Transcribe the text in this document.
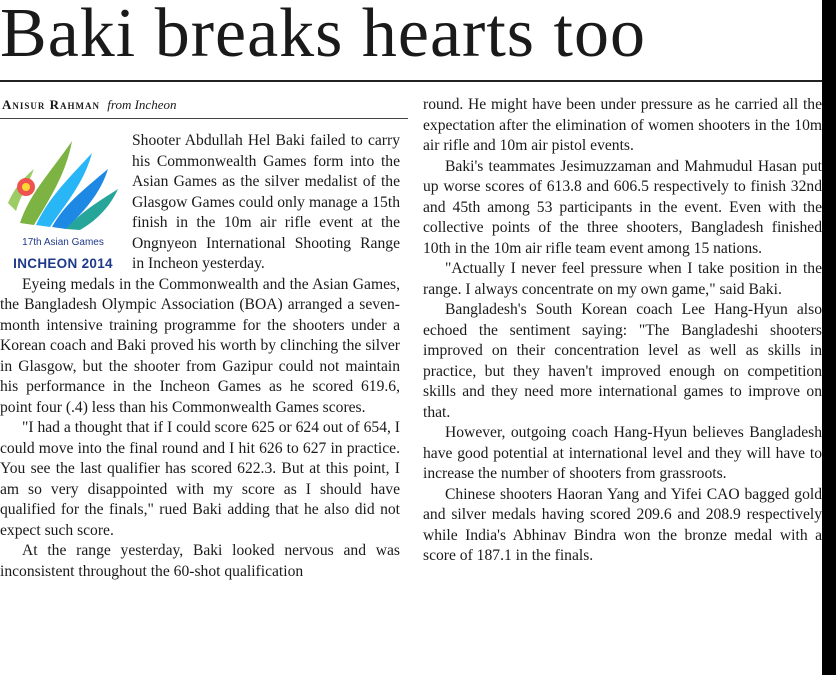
Baki breaks hearts too
Anisur Rahman from Incheon
17th Asian Games
INCHEON 2014

Shooter Abdullah Hel Baki failed to carry his Commonwealth Games form into the Asian Games as the silver medalist of the Glasgow Games could only manage a 15th finish in the 10m air rifle event at the Ongnyeon International Shooting Range in Incheon yesterday.

Eyeing medals in the Commonwealth and the Asian Games, the Bangladesh Olympic Association (BOA) arranged a seven-month intensive training programme for the shooters under a Korean coach and Baki proved his worth by clinching the silver in Glasgow, but the shooter from Gazipur could not maintain his performance in the Incheon Games as he scored 619.6, point four (.4) less than his Commonwealth Games scores.

"I had a thought that if I could score 625 or 624 out of 654, I could move into the final round and I hit 626 to 627 in practice. You see the last qualifier has scored 622.3. But at this point, I am so very disappointed with my score as I should have qualified for the finals," rued Baki adding that he also did not expect such score.

At the range yesterday, Baki looked nervous and was inconsistent throughout the 60-shot qualification

round. He might have been under pressure as he carried all the expectation after the elimination of women shooters in the 10m air rifle and 10m air pistol events.

Baki's teammates Jesimuzzaman and Mahmudul Hasan put up worse scores of 613.8 and 606.5 respectively to finish 32nd and 45th among 53 participants in the event. Even with the collective points of the three shooters, Bangladesh finished 10th in the 10m air rifle team event among 15 nations.

"Actually I never feel pressure when I take position in the range. I always concentrate on my own game," said Baki.

Bangladesh's South Korean coach Lee Hang-Hyun also echoed the sentiment saying: "The Bangladeshi shooters improved on their concentration level as well as skills in practice, but they haven't improved enough on competition skills and they need more international games to improve on that.

However, outgoing coach Hang-Hyun believes Bangladesh have good potential at international level and they will have to increase the number of shooters from grassroots.

Chinese shooters Haoran Yang and Yifei CAO bagged gold and silver medals having scored 209.6 and 208.9 respectively while India's Abhinav Bindra won the bronze medal with a score of 187.1 in the finals.
